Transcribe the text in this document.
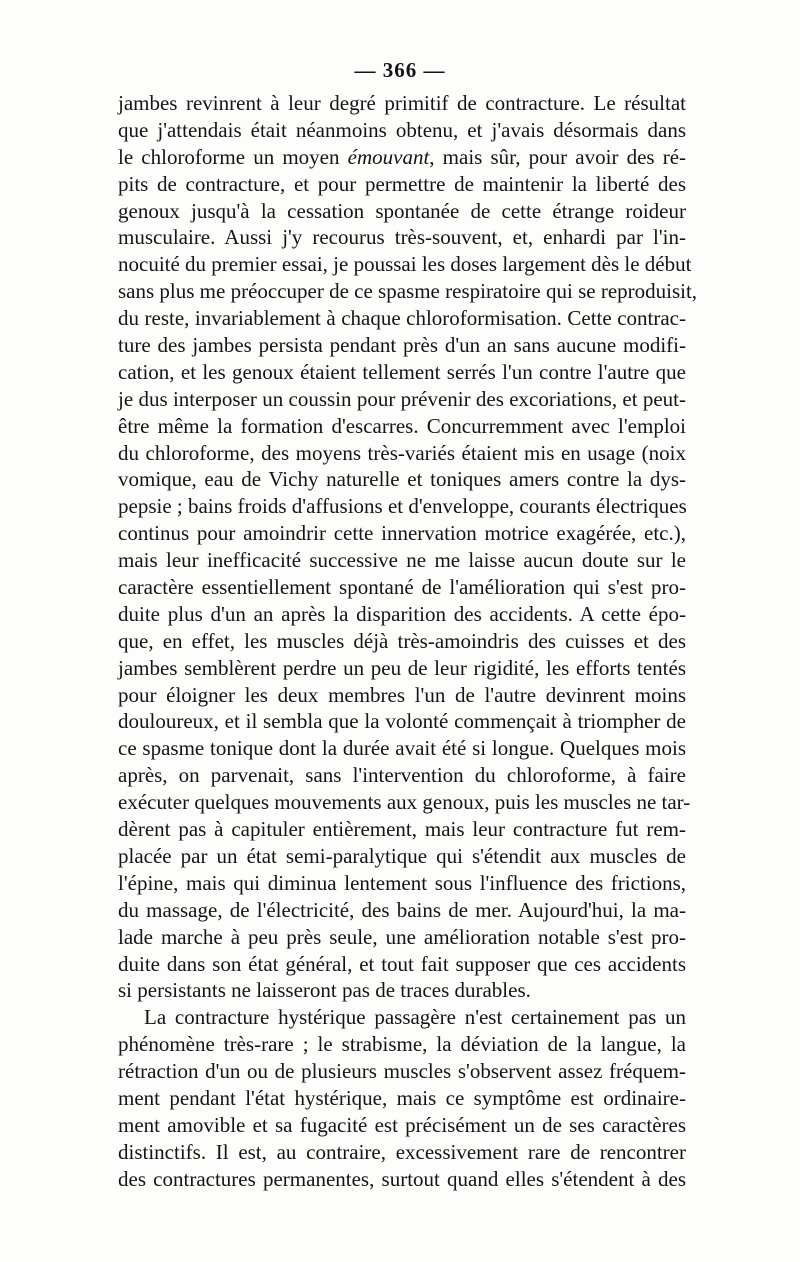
— 366 —
jambes revinrent à leur degré primitif de contracture. Le résultat
que j'attendais était néanmoins obtenu, et j'avais désormais dans
le chloroforme un moyen émouvant, mais sûr, pour avoir des ré-
pits de contracture, et pour permettre de maintenir la liberté des
genoux jusqu'à la cessation spontanée de cette étrange roideur
musculaire. Aussi j'y recourus très-souvent, et, enhardi par l'in-
nocuité du premier essai, je poussai les doses largement dès le début
sans plus me préoccuper de ce spasme respiratoire qui se reproduisit,
du reste, invariablement à chaque chloroformisation. Cette contrac-
ture des jambes persista pendant près d'un an sans aucune modifi-
cation, et les genoux étaient tellement serrés l'un contre l'autre que
je dus interposer un coussin pour prévenir des excoriations, et peut-
être même la formation d'escarres. Concurremment avec l'emploi
du chloroforme, des moyens très-variés étaient mis en usage (noix
vomique, eau de Vichy naturelle et toniques amers contre la dys-
pepsie ; bains froids d'affusions et d'enveloppe, courants électriques
continus pour amoindrir cette innervation motrice exagérée, etc.),
mais leur inefficacité successive ne me laisse aucun doute sur le
caractère essentiellement spontané de l'amélioration qui s'est pro-
duite plus d'un an après la disparition des accidents. A cette épo-
que, en effet, les muscles déjà très-amoindris des cuisses et des
jambes semblèrent perdre un peu de leur rigidité, les efforts tentés
pour éloigner les deux membres l'un de l'autre devinrent moins
douloureux, et il sembla que la volonté commençait à triompher de
ce spasme tonique dont la durée avait été si longue. Quelques mois
après, on parvenait, sans l'intervention du chloroforme, à faire
exécuter quelques mouvements aux genoux, puis les muscles ne tar-
dèrent pas à capituler entièrement, mais leur contracture fut rem-
placée par un état semi-paralytique qui s'étendit aux muscles de
l'épine, mais qui diminua lentement sous l'influence des frictions,
du massage, de l'électricité, des bains de mer. Aujourd'hui, la ma-
lade marche à peu près seule, une amélioration notable s'est pro-
duite dans son état général, et tout fait supposer que ces accidents
si persistants ne laisseront pas de traces durables.
La contracture hystérique passagère n'est certainement pas un
phénomène très-rare ; le strabisme, la déviation de la langue, la
rétraction d'un ou de plusieurs muscles s'observent assez fréquem-
ment pendant l'état hystérique, mais ce symptôme est ordinaire-
ment amovible et sa fugacité est précisément un de ses caractères
distinctifs. Il est, au contraire, excessivement rare de rencontrer
des contractures permanentes, surtout quand elles s'étendent à des
